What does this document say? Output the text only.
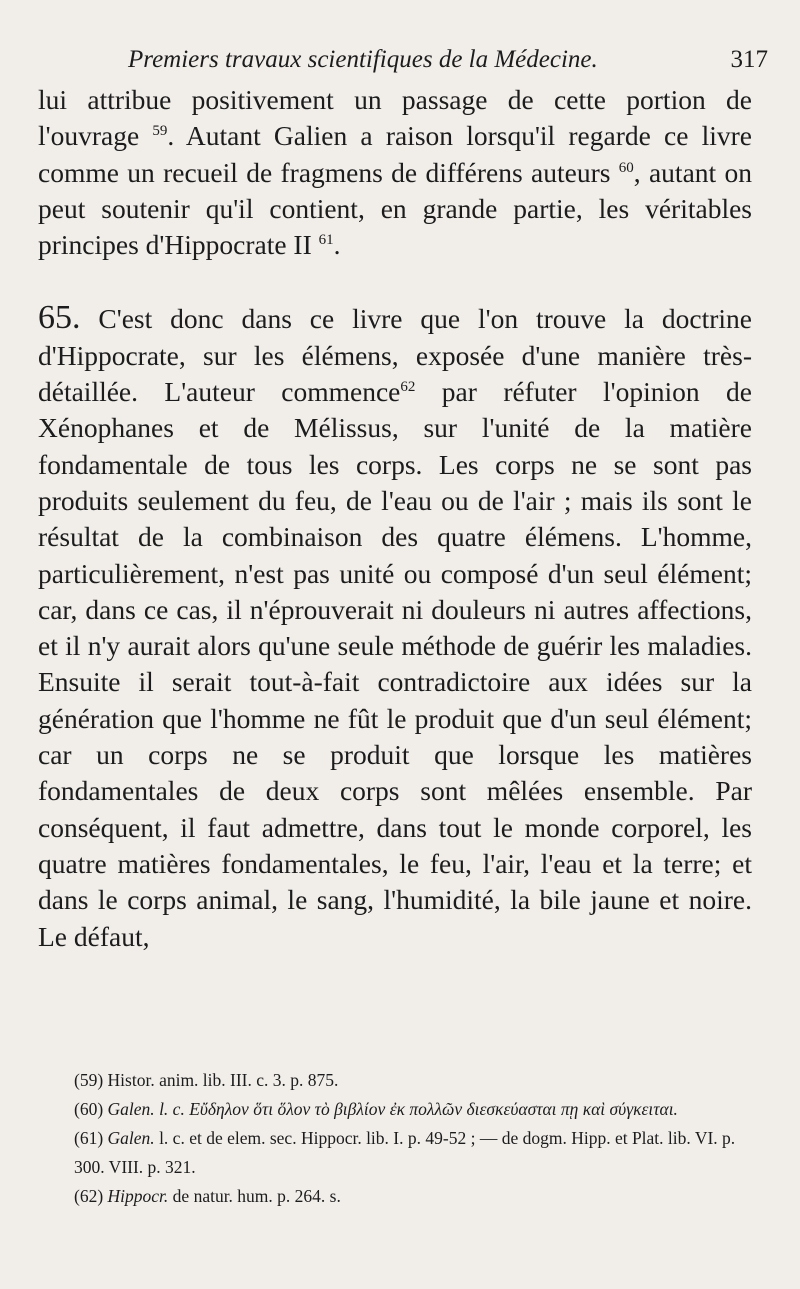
Premiers travaux scientifiques de la Médecine.	317

lui attribue positivement un passage de cette portion de l'ouvrage $^{59}$. Autant Galien a raison lorsqu'il regarde ce livre comme un recueil de fragmens de différens auteurs $^{60}$, autant on peut soutenir qu'il contient, en grande partie, les véritables principes d'Hippocrate II $^{61}$.

65. C'est donc dans ce livre que l'on trouve la doctrine d'Hippocrate, sur les élémens, exposée d'une manière très-détaillée. L'auteur commence$^{62}$ par réfuter l'opinion de Xénophanes et de Mélissus, sur l'unité de la matière fondamentale de tous les corps. Les corps ne se sont pas produits seulement du feu, de l'eau ou de l'air ; mais ils sont le résultat de la combinaison des quatre élémens. L'homme, particulièrement, n'est pas unité ou composé d'un seul élément; car, dans ce cas, il n'éprouverait ni douleurs ni autres affections, et il n'y aurait alors qu'une seule méthode de guérir les maladies. Ensuite il serait tout-à-fait contradictoire aux idées sur la génération que l'homme ne fût le produit que d'un seul élément; car un corps ne se produit que lorsque les matières fondamentales de deux corps sont mêlées ensemble. Par conséquent, il faut admettre, dans tout le monde corporel, les quatre matières fondamentales, le feu, l'air, l'eau et la terre; et dans le corps animal, le sang, l'humidité, la bile jaune et noire. Le défaut,

(59) Histor. anim. lib. III. c. 3. p. 875.

(60) Galen. l. c. Εὔδηλον ὅτι ὅλον τὸ βιβλίον ἐκ πολλῶν διεσκεύασται πῃ καὶ σύγκειται.

(61) Galen. l. c. et de elem. sec. Hippocr. lib. I. p. 49-52 ; — de dogm. Hipp. et Plat. lib. VI. p. 300. VIII. p. 321.

(62) Hippocr. de natur. hum. p. 264. s.
